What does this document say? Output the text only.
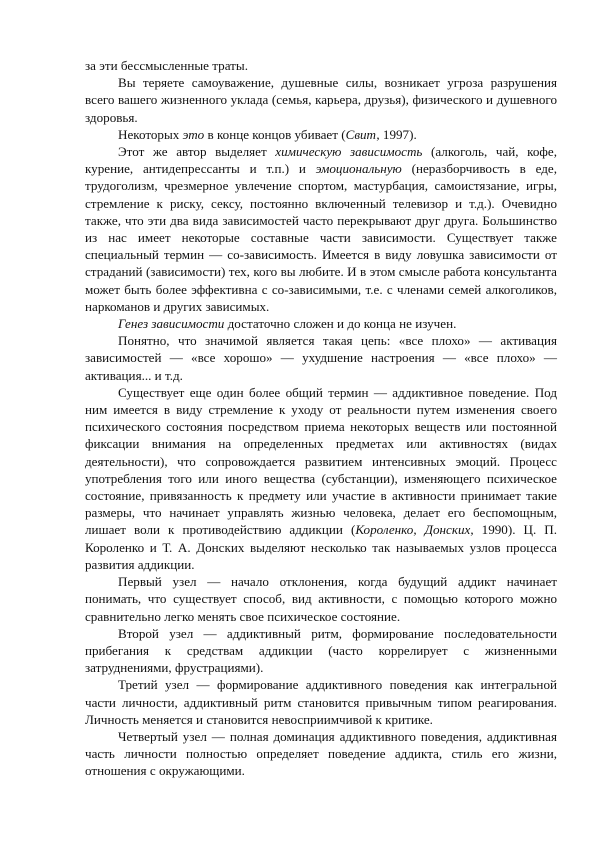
за эти бессмысленные траты.

Вы теряете самоуважение, душевные силы, возникает угроза разрушения всего вашего жизненного уклада (семья, карьера, друзья), физического и душевного здоровья.

Некоторых это в конце концов убивает (Свит, 1997).

Этот же автор выделяет химическую зависимость (алкоголь, чай, кофе, курение, антидепрессанты и т.п.) и эмоциональную (неразборчивость в еде, трудоголизм, чрезмерное увлечение спортом, мастурбация, самоистязание, игры, стремление к риску, сексу, постоянно включенный телевизор и т.д.). Очевидно также, что эти два вида зависимостей часто перекрывают друг друга. Большинство из нас имеет некоторые составные части зависимости. Существует также специальный термин — со-зависимость. Имеется в виду ловушка зависимости от страданий (зависимости) тех, кого вы любите. И в этом смысле работа консультанта может быть более эффективна с со-зависимыми, т.е. с членами семей алкоголиков, наркоманов и других зависимых.

Генез зависимости достаточно сложен и до конца не изучен.

Понятно, что значимой является такая цепь: «все плохо» — активация зависимостей — «все хорошо» — ухудшение настроения — «все плохо» — активация... и т.д.

Существует еще один более общий термин — аддиктивное поведение. Под ним имеется в виду стремление к уходу от реальности путем изменения своего психического состояния посредством приема некоторых веществ или постоянной фиксации внимания на определенных предметах или активностях (видах деятельности), что сопровождается развитием интенсивных эмоций. Процесс употребления того или иного вещества (субстанции), изменяющего психическое состояние, привязанность к предмету или участие в активности принимает такие размеры, что начинает управлять жизнью человека, делает его беспомощным, лишает воли к противодействию аддикции (Короленко, Донских, 1990). Ц. П. Короленко и Т. А. Донских выделяют несколько так называемых узлов процесса развития аддикции.

Первый узел — начало отклонения, когда будущий аддикт начинает понимать, что существует способ, вид активности, с помощью которого можно сравнительно легко менять свое психическое состояние.

Второй узел — аддиктивный ритм, формирование последовательности прибегания к средствам аддикции (часто коррелирует с жизненными затруднениями, фрустрациями).

Третий узел — формирование аддиктивного поведения как интегральной части личности, аддиктивный ритм становится привычным типом реагирования. Личность меняется и становится невосприимчивой к критике.

Четвертый узел — полная доминация аддиктивного поведения, аддиктивная часть личности полностью определяет поведение аддикта, стиль его жизни, отношения с окружающими.
